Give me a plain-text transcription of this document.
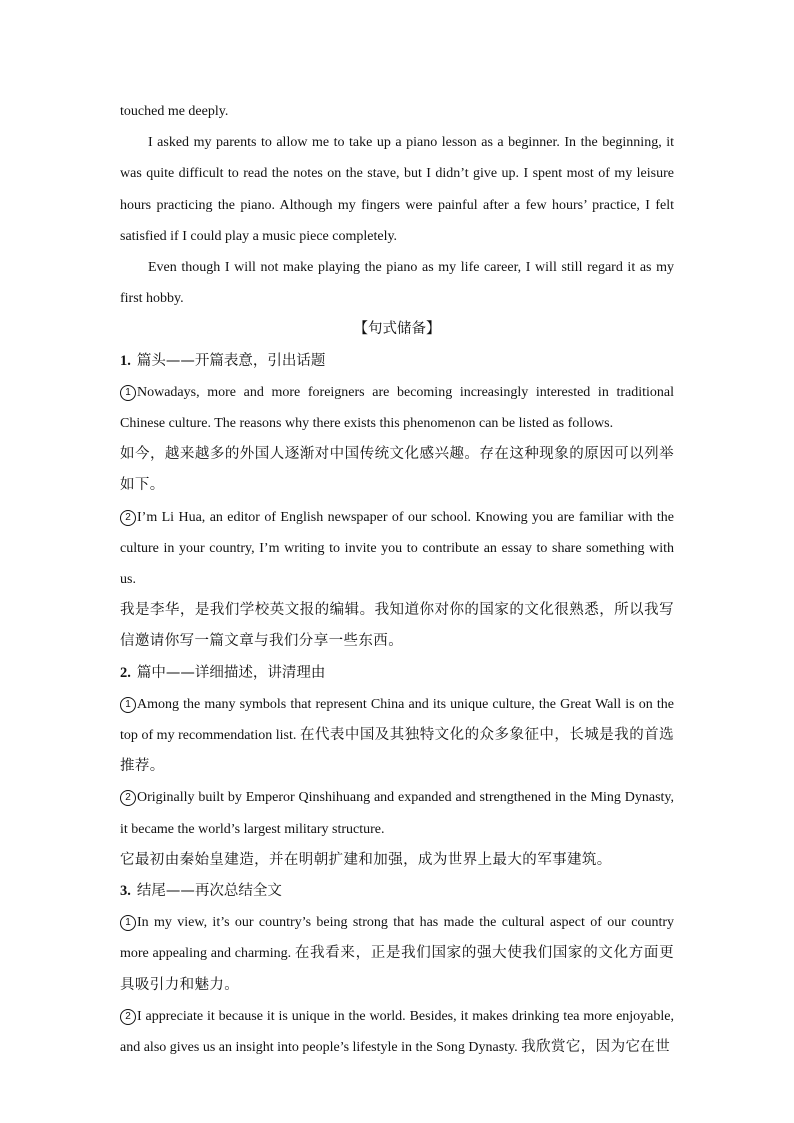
touched me deeply.

I asked my parents to allow me to take up a piano lesson as a beginner. In the beginning, it was quite difficult to read the notes on the stave, but I didn’t give up. I spent most of my leisure hours practicing the piano. Although my fingers were painful after a few hours’ practice, I felt satisfied if I could play a music piece completely.

Even though I will not make playing the piano as my life career, I will still regard it as my first hobby.

【句式储备】

1. 篇头——开篇表意，引出话题

1 Nowadays, more and more foreigners are becoming increasingly interested in traditional Chinese culture. The reasons why there exists this phenomenon can be listed as follows.

如今，越来越多的外国人逐渐对中国传统文化感兴趣。存在这种现象的原因可以列举如下。

2 I’m Li Hua, an editor of English newspaper of our school. Knowing you are familiar with the culture in your country, I’m writing to invite you to contribute an essay to share something with us.

我是李华，是我们学校英文报的编辑。我知道你对你的国家的文化很熟悉，所以我写信邀请你写一篇文章与我们分享一些东西。

2. 篇中——详细描述，讲清理由

1 Among the many symbols that represent China and its unique culture, the Great Wall is on the top of my recommendation list. 在代表中国及其独特文化的众多象征中，长城是我的首选推荐。

2 Originally built by Emperor Qinshihuang and expanded and strengthened in the Ming Dynasty, it became the world’s largest military structure.

它最初由秦始皇建造，并在明朝扩建和加强，成为世界上最大的军事建筑。

3. 结尾——再次总结全文

1 In my view, it’s our country’s being strong that has made the cultural aspect of our country more appealing and charming. 在我看来，正是我们国家的强大使我们国家的文化方面更具吸引力和魅力。

2 I appreciate it because it is unique in the world. Besides, it makes drinking tea more enjoyable, and also gives us an insight into people’s lifestyle in the Song Dynasty. 我欣赏它，因为它在世
